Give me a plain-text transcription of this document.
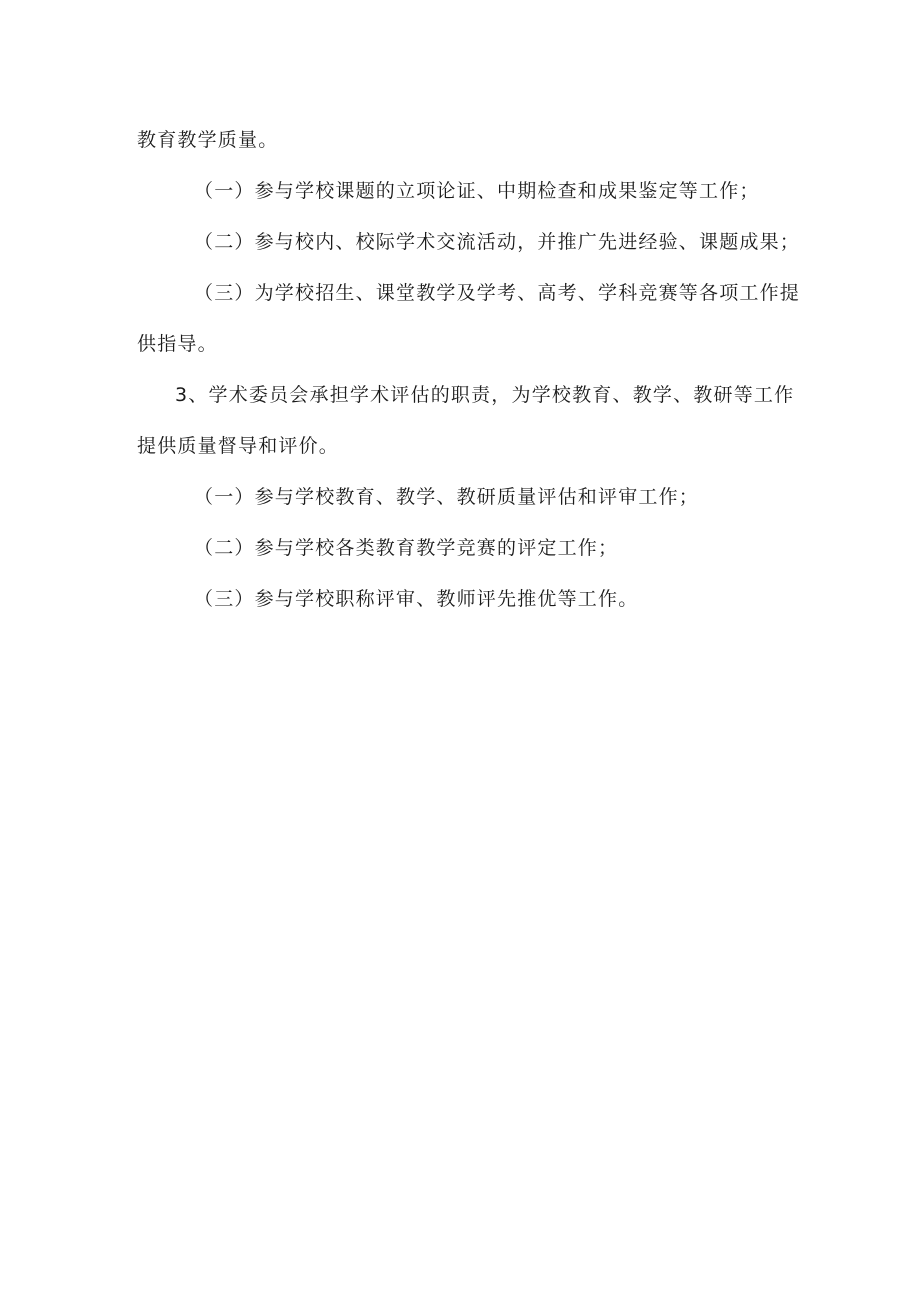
教育教学质量。
（一）参与学校课题的立项论证、中期检查和成果鉴定等工作；
（二）参与校内、校际学术交流活动，并推广先进经验、课题成果；
（三）为学校招生、课堂教学及学考、高考、学科竞赛等各项工作提
供指导。
3、学术委员会承担学术评估的职责，为学校教育、教学、教研等工作
提供质量督导和评价。
（一）参与学校教育、教学、教研质量评估和评审工作；
（二）参与学校各类教育教学竞赛的评定工作；
（三）参与学校职称评审、教师评先推优等工作。
